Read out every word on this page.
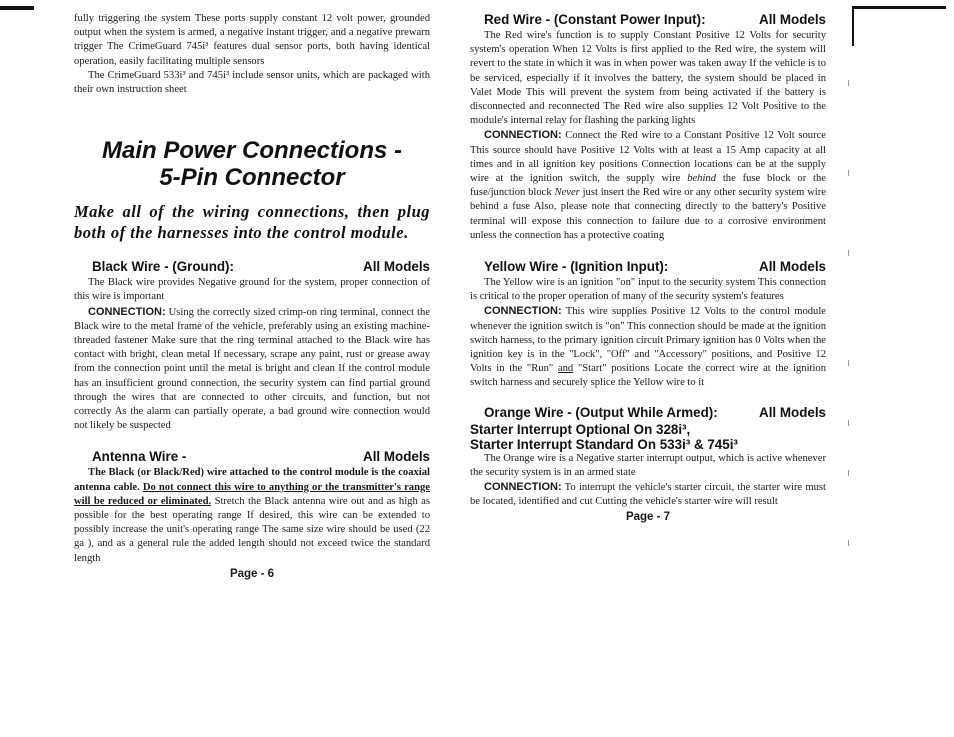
fully triggering the system These ports supply constant 12 volt power, grounded output when the system is armed, a negative instant trigger, and a negative prewarn trigger The CrimeGuard 745i³ features dual sensor ports, both having identical operation, easily facilitating multiple sensors

The CrimeGuard 533i³ and 745i³ include sensor units, which are packaged with their own instruction sheet

Main Power Connections -
5-Pin Connector

Make all of the wiring connections, then plug both of the harnesses into the control module.

Black Wire - (Ground):	All Models

The Black wire provides Negative ground for the system, proper connection of this wire is important

CONNECTION: Using the correctly sized crimp-on ring terminal, connect the Black wire to the metal frame of the vehicle, preferably using an existing machine-threaded fastener Make sure that the ring terminal attached to the Black wire has contact with bright, clean metal If necessary, scrape any paint, rust or grease away from the connection point until the metal is bright and clean If the control module has an insufficient ground connection, the security system can find partial ground through the wires that are connected to other circuits, and function, but not correctly As the alarm can partially operate, a bad ground wire connection would not likely be suspected

Antenna Wire -	All Models

The Black (or Black/Red) wire attached to the control module is the coaxial antenna cable. Do not connect this wire to anything or the transmitter's range will be reduced or eliminated. Stretch the Black antenna wire out and as high as possible for the best operating range If desired, this wire can be extended to possibly increase the unit's operating range The same size wire should be used (22 ga ), and as a general rule the added length should not exceed twice the standard length

Page - 6
Red Wire - (Constant Power Input):	All Models

The Red wire's function is to supply Constant Positive 12 Volts for security system's operation When 12 Volts is first applied to the Red wire, the system will revert to the state in which it was in when power was taken away If the vehicle is to be serviced, especially if it involves the battery, the system should be placed in Valet Mode This will prevent the system from being activated if the battery is disconnected and reconnected The Red wire also supplies 12 Volt Positive to the module's internal relay for flashing the parking lights

CONNECTION: Connect the Red wire to a Constant Positive 12 Volt source This source should have Positive 12 Volts with at least a 15 Amp capacity at all times and in all ignition key positions Connection locations can be at the supply wire at the ignition switch, the supply wire behind the fuse block or the fuse/junction block Never just insert the Red wire or any other security system wire behind a fuse Also, please note that connecting directly to the battery's Positive terminal will expose this connection to failure due to a corrosive environment unless the connection has a protective coating

Yellow Wire - (Ignition Input):	All Models

The Yellow wire is an ignition "on" input to the security system This connection is critical to the proper operation of many of the security system's features

CONNECTION: This wire supplies Positive 12 Volts to the control module whenever the ignition switch is "on" This connection should be made at the ignition switch harness, to the primary ignition circuit Primary ignition has 0 Volts when the ignition key is in the "Lock", "Off" and "Accessory" positions, and Positive 12 Volts in the "Run" and "Start" positions Locate the correct wire at the ignition switch harness and securely splice the Yellow wire to it

Orange Wire - (Output While Armed):	All Models
Starter Interrupt Optional On 328i³,
Starter Interrupt Standard On 533i³ & 745i³

The Orange wire is a Negative starter interrupt output, which is active whenever the security system is in an armed state

CONNECTION: To interrupt the vehicle's starter circuit, the starter wire must be located, identified and cut Cutting the vehicle's starter wire will result

Page - 7
